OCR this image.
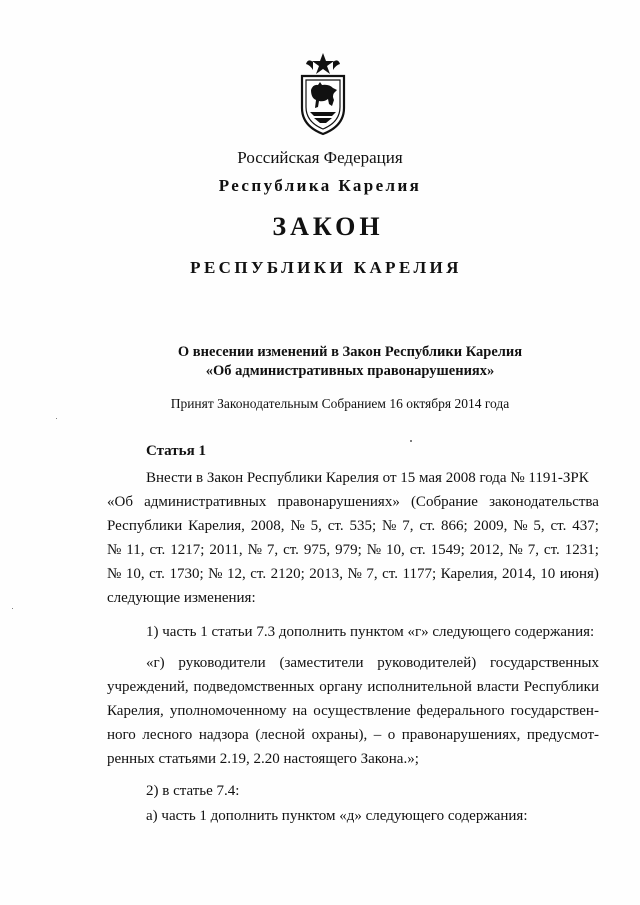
Российская Федерация
Республика Карелия
ЗАКОН
РЕСПУБЛИКИ КАРЕЛИЯ
О внесении изменений в Закон Республики Карелия
«Об административных правонарушениях»
Принят Законодательным Собранием 16 октября 2014 года
Статья 1
Внести в Закон Республики Карелия от 15 мая 2008 года № 1191-ЗРК
«Об административных правонарушениях» (Собрание законодательства
Республики Карелия, 2008, № 5, ст. 535; № 7, ст. 866; 2009, № 5, ст. 437;
№ 11, ст. 1217; 2011, № 7, ст. 975, 979; № 10, ст. 1549; 2012, № 7, ст. 1231;
№ 10, ст. 1730; № 12, ст. 2120; 2013, № 7, ст. 1177; Карелия, 2014, 10 июня)
следующие изменения:
1) часть 1 статьи 7.3 дополнить пунктом «г» следующего содержания:
«г) руководители (заместители руководителей) государственных
учреждений, подведомственных органу исполнительной власти Республики
Карелия, уполномоченному на осуществление федерального государствен-
ного лесного надзора (лесной охраны), – о правонарушениях, предусмот-
ренных статьями 2.19, 2.20 настоящего Закона.»;
2) в статье 7.4:
а) часть 1 дополнить пунктом «д» следующего содержания:
